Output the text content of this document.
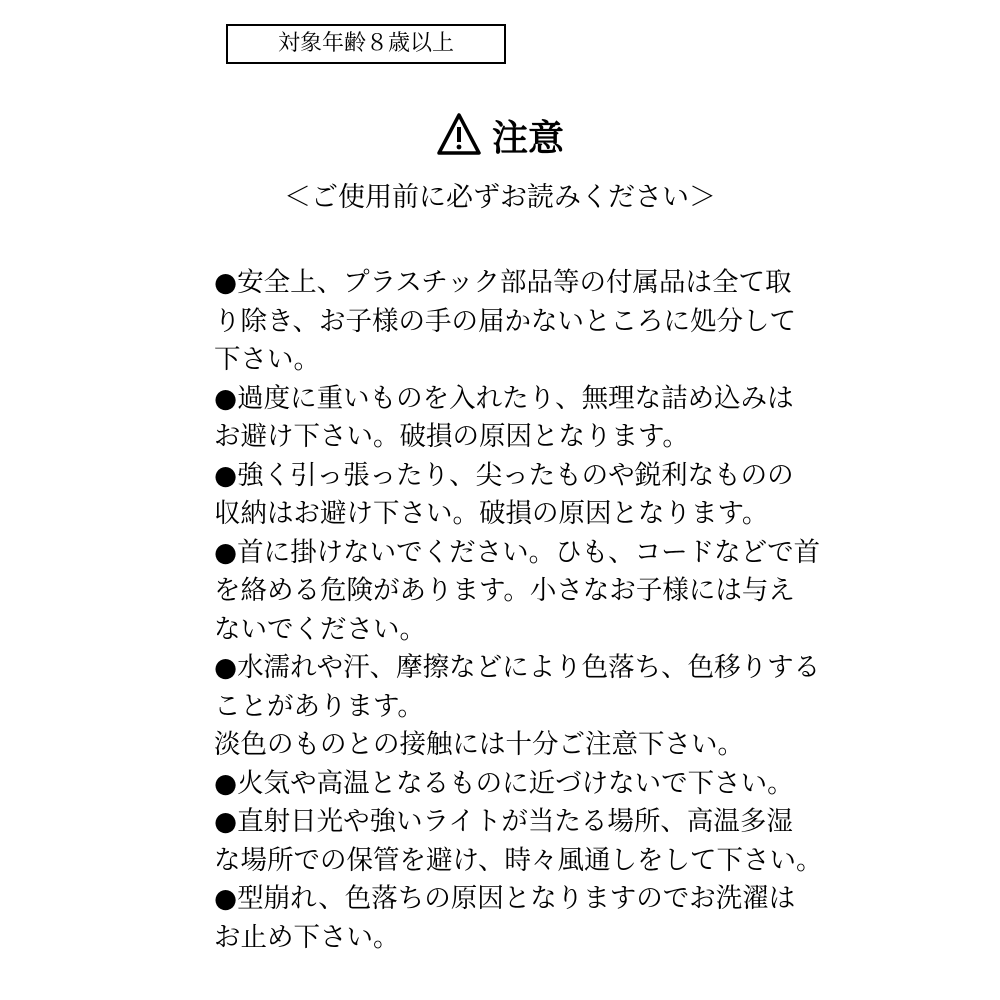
対象年齢８歳以上
注意
＜ご使用前に必ずお読みください＞
●安全上、プラスチック部品等の付属品は全て取
り除き、お子様の手の届かないところに処分して
下さい。
●過度に重いものを入れたり、無理な詰め込みは
お避け下さい。破損の原因となります。
●強く引っ張ったり、尖ったものや鋭利なものの
収納はお避け下さい。破損の原因となります。
●首に掛けないでください。ひも、コードなどで首
を絡める危険があります。小さなお子様には与え
ないでください。
●水濡れや汗、摩擦などにより色落ち、色移りする
ことがあります。
淡色のものとの接触には十分ご注意下さい。
●火気や高温となるものに近づけないで下さい。
●直射日光や強いライトが当たる場所、高温多湿
な場所での保管を避け、時々風通しをして下さい。
●型崩れ、色落ちの原因となりますのでお洗濯は
お止め下さい。
